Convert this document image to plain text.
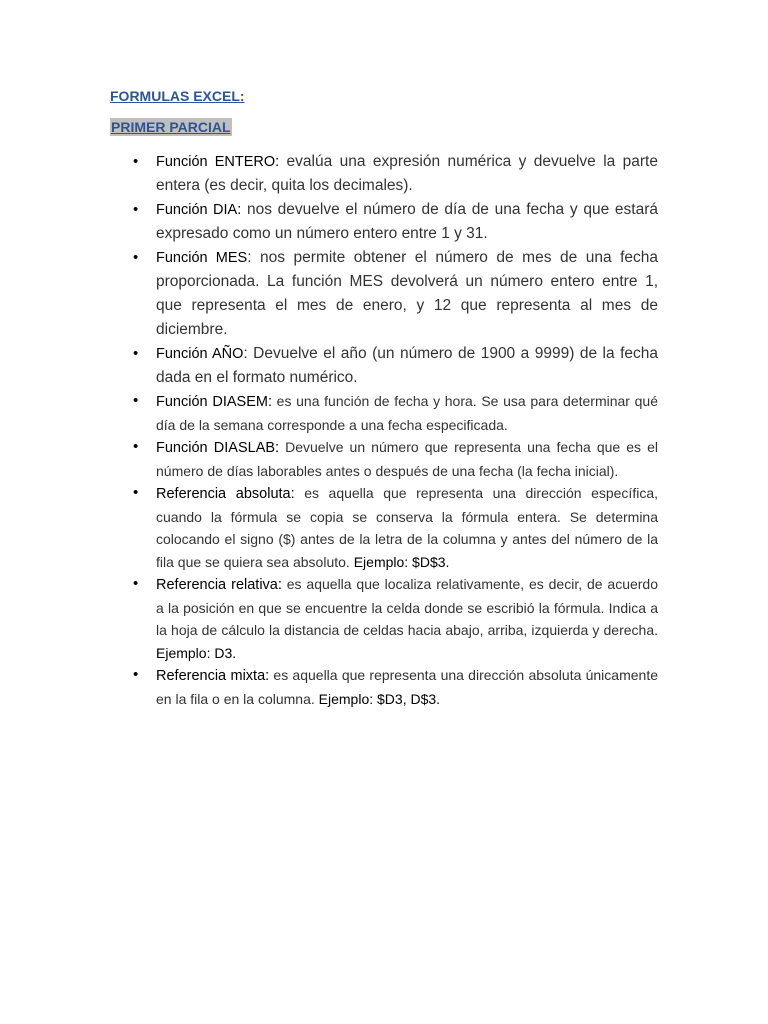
FORMULAS EXCEL:
PRIMER PARCIAL
• Función ENTERO: evalúa una expresión numérica y devuelve la parte entera (es decir, quita los decimales).
• Función DIA: nos devuelve el número de día de una fecha y que estará expresado como un número entero entre 1 y 31.
• Función MES: nos permite obtener el número de mes de una fecha proporcionada. La función MES devolverá un número entero entre 1, que representa el mes de enero, y 12 que representa al mes de diciembre.
• Función AÑO: Devuelve el año (un número de 1900 a 9999) de la fecha dada en el formato numérico.
• Función DIASEM: es una función de fecha y hora. Se usa para determinar qué día de la semana corresponde a una fecha especificada.
• Función DIASLAB: Devuelve un número que representa una fecha que es el número de días laborables antes o después de una fecha (la fecha inicial).
• Referencia absoluta: es aquella que representa una dirección específica, cuando la fórmula se copia se conserva la fórmula entera. Se determina colocando el signo ($) antes de la letra de la columna y antes del número de la fila que se quiera sea absoluto. Ejemplo: $D$3.
• Referencia relativa: es aquella que localiza relativamente, es decir, de acuerdo a la posición en que se encuentre la celda donde se escribió la fórmula. Indica a la hoja de cálculo la distancia de celdas hacia abajo, arriba, izquierda y derecha. Ejemplo: D3.
• Referencia mixta: es aquella que representa una dirección absoluta únicamente en la fila o en la columna. Ejemplo: $D3, D$3.
